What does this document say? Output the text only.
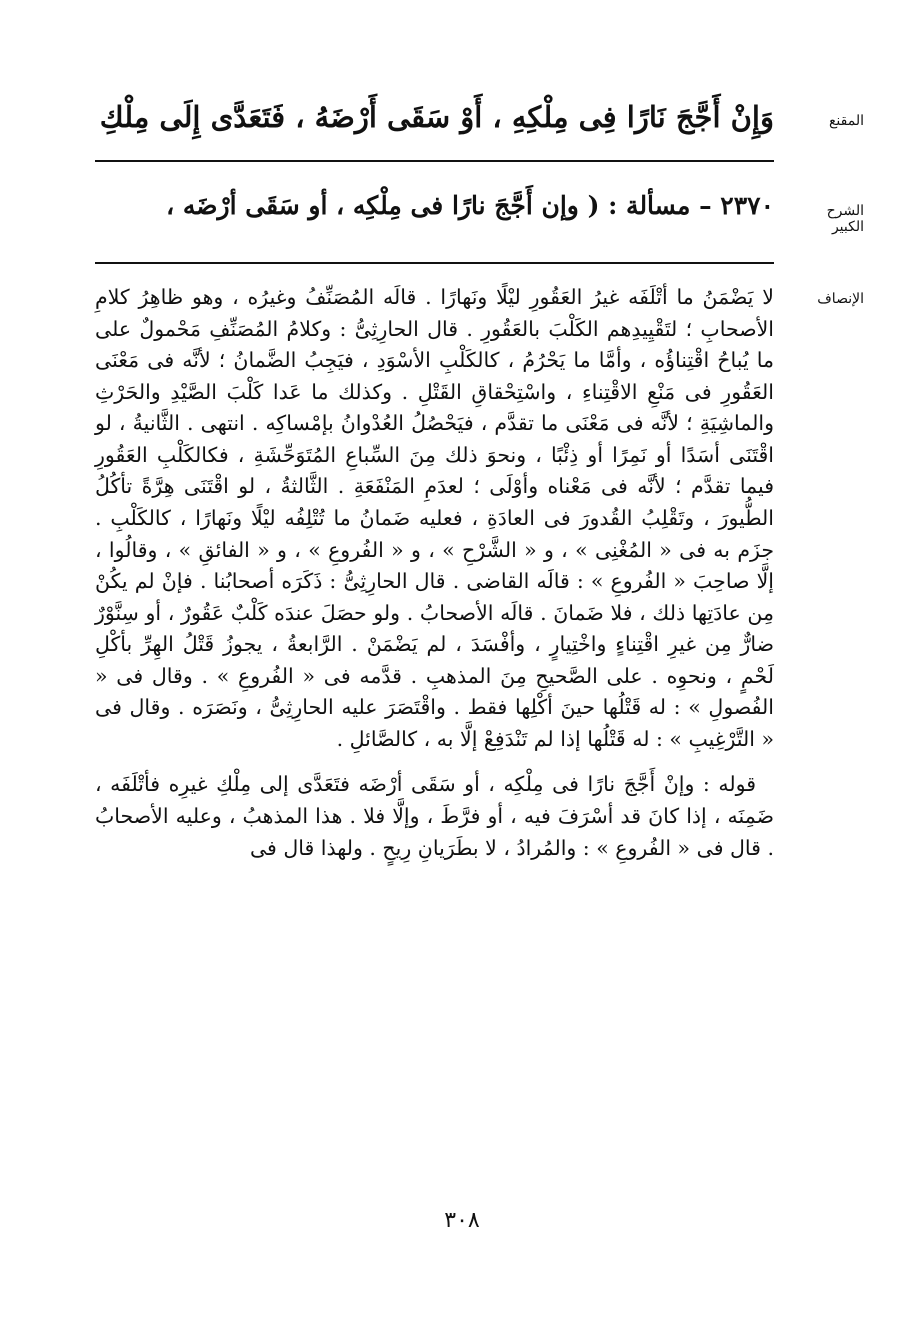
المقنع
وَإِنْ أَجَّجَ نَارًا فِى مِلْكِهِ ، أَوْ سَقَى أَرْضَهُ ، فَتَعَدَّى إِلَى مِلْكِ
الشرح الكبير
٢٣٧٠ – مسألة : ( وإن أَجَّجَ نارًا فى مِلْكِه ، أو سَقَى أرْضَه ،
الإنصاف

لا يَضْمَنُ ما أتْلَفَه غيرُ العَقُورِ ليْلًا ونَهارًا . قالَه المُصَنِّفُ وغيرُه ، وهو ظاهِرُ كلامِ الأصحابِ ؛ لتَقْيِيدِهم الكَلْبَ بالعَقُورِ . قال الحارِثِىُّ : وكلامُ المُصَنِّفِ مَحْمولٌ على ما يُباحُ اقْتِناؤُه ، وأمَّا ما يَحْرُمُ ، كالكَلْبِ الأسْوَدِ ، فيَجِبُ الضَّمانُ ؛ لأنَّه فى مَعْنَى العَقُورِ فى مَنْعِ الاقْتِناءِ ، واسْتِحْقاقِ القَتْلِ . وكذلك ما عَدا كَلْبَ الصَّيْدِ والحَرْثِ والماشِيَةِ ؛ لأنَّه فى مَعْنَى ما تقدَّم ، فيَحْصُلُ العُدْوانُ بإمْساكِه . انتهى . الثَّانيةُ ، لو اقْتَنَى أسَدًا أو نَمِرًا أو ذِئْبًا ، ونحوَ ذلك مِنَ السِّباعِ المُتَوَحِّشَةِ ، فكالكَلْبِ العَقُورِ فيما تقدَّم ؛ لأنَّه فى مَعْناه وأوْلَى ؛ لعدَمِ المَنْفَعَةِ . الثَّالثةُ ، لو اقْتَنَى هِرَّةً تأكُلُ الطُّيورَ ، وتَقْلِبُ القُدورَ فى العادَةِ ، فعليه ضَمانُ ما تُتْلِفُه ليْلًا ونَهارًا ، كالكَلْبِ . جزَم به فى « المُغْنِى » ، و « الشَّرْحِ » ، و « الفُروعِ » ، و « الفائقِ » ، وقالُوا ، إلَّا صاحِبَ « الفُروعِ » : قالَه القاضى . قال الحارِثِىُّ : ذَكَرَه أصحابُنا . فإنْ لم يكُنْ مِن عادَتِها ذلك ، فلا ضَمانَ . قالَه الأصحابُ . ولو حصَلَ عندَه كَلْبٌ عَقُورٌ ، أو سِنَّوْرٌ ضارٌّ مِن غيرِ اقْتِناءٍ واخْتِيارٍ ، وأفْسَدَ ، لم يَضْمَنْ . الرَّابعةُ ، يجوزُ قَتْلُ الهِرِّ بأكْلِ لَحْمٍ ، ونحوِه . على الصَّحيحِ مِنَ المذهبِ . قدَّمه فى « الفُروعِ » . وقال فى « الفُصولِ » : له قَتْلُها حينَ أكْلِها فقط . واقْتَصَرَ عليه الحارِثِىُّ ، ونَصَرَه . وقال فى « التَّرْغِيبِ » : له قَتْلُها إذا لم تَنْدَفِعْ إلَّا به ، كالصَّائلِ .

قوله : وإنْ أَجَّجَ نارًا فى مِلْكِه ، أو سَقَى أرْضَه فتَعَدَّى إلى مِلْكِ غيرِه فأتْلَفَه ، ضَمِنَه ، إذا كانَ قد أسْرَفَ فيه ، أو فرَّطَ ، وإلَّا فلا . هذا المذهبُ ، وعليه الأصحابُ . قال فى « الفُروعِ » : والمُرادُ ، لا بطَرَيانِ رِيحٍ . ولهذا قال فى

٣٠٨
